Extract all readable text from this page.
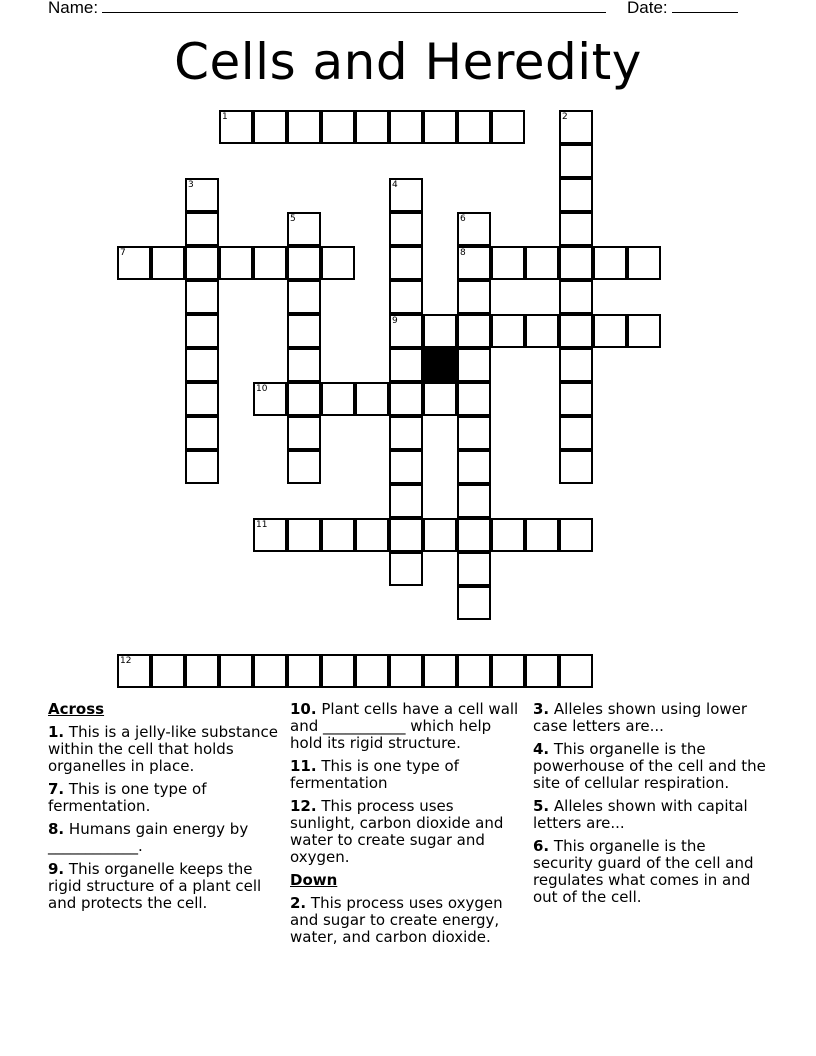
Name:	Date:
Cells and Heredity
1	2
3	4
9
5	6
8
7
10
11
12
Across
1. This is a jelly-like substance within the cell that holds organelles in place.
7. This is one type of fermentation.
8. Humans gain energy by ____________.
9. This organelle keeps the rigid structure of a plant cell and protects the cell.
10. Plant cells have a cell wall and ___________ which help hold its rigid structure.
11. This is one type of fermentation
12. This process uses sunlight, carbon dioxide and water to create sugar and oxygen.
Down
2. This process uses oxygen and sugar to create energy, water, and carbon dioxide.
3. Alleles shown using lower case letters are...
4. This organelle is the powerhouse of the cell and the site of cellular respiration.
5. Alleles shown with capital letters are...
6. This organelle is the security guard of the cell and regulates what comes in and out of the cell.
